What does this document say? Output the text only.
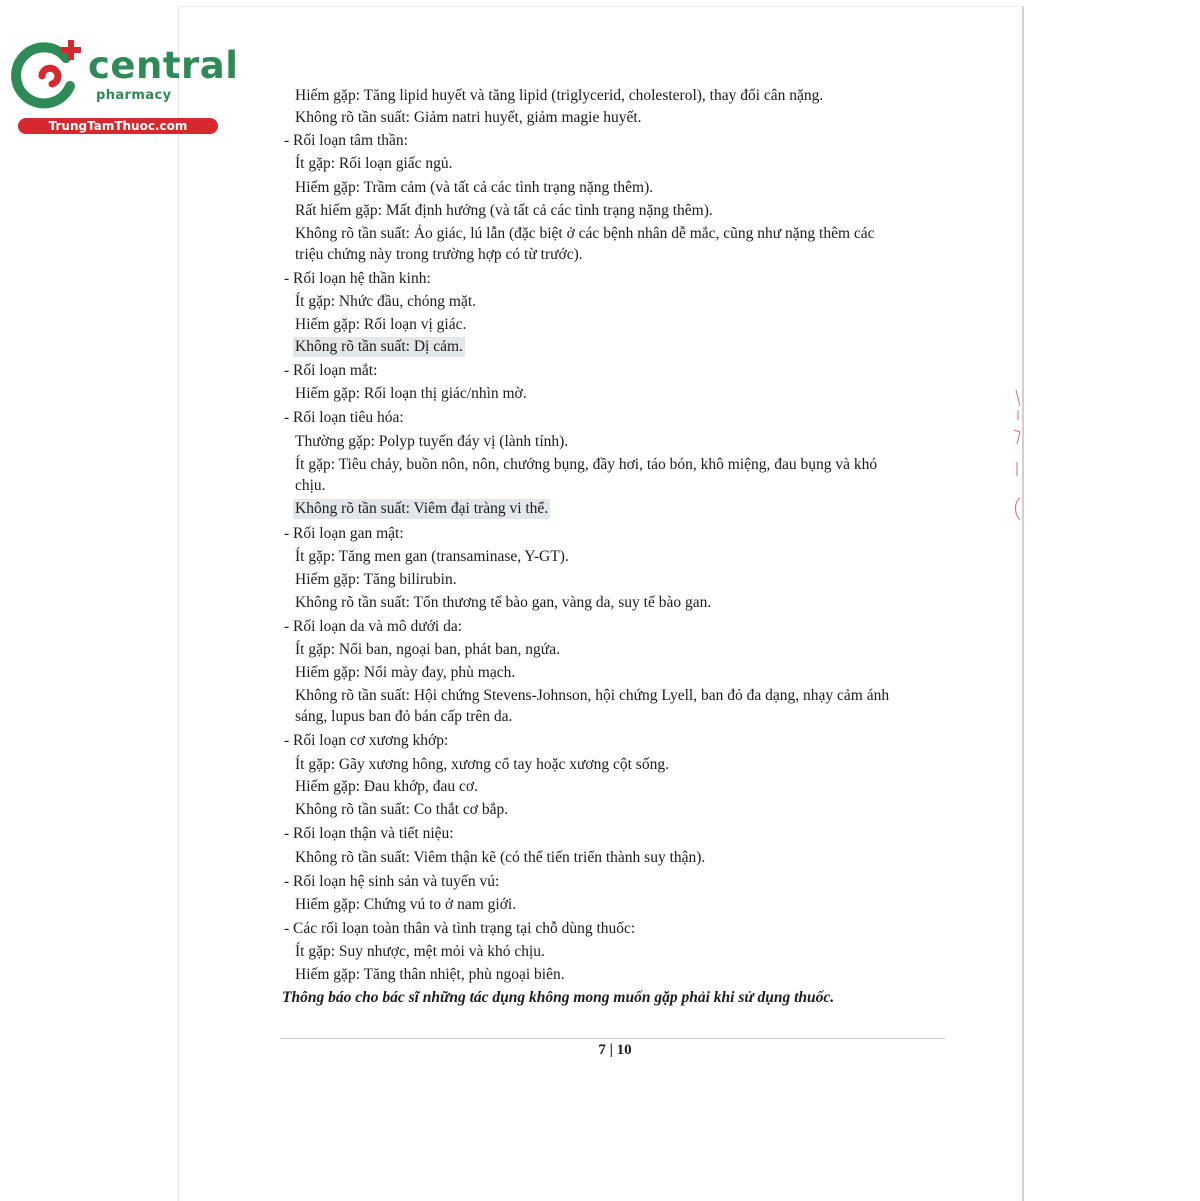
central
pharmacy
TrungTamThuoc.com
Hiếm gặp: Tăng lipid huyết và tăng lipid (triglycerid, cholesterol), thay đổi cân nặng.
Không rõ tần suất: Giảm natri huyết, giảm magie huyết.
- Rối loạn tâm thần:
Ít gặp: Rối loạn giấc ngủ.
Hiếm gặp: Trầm cảm (và tất cả các tình trạng nặng thêm).
Rất hiếm gặp: Mất định hướng (và tất cả các tình trạng nặng thêm).
Không rõ tần suất: Ảo giác, lú lẫn (đặc biệt ở các bệnh nhân dễ mắc, cũng như nặng thêm các
triệu chứng này trong trường hợp có từ trước).
- Rối loạn hệ thần kinh:
Ít gặp: Nhức đầu, chóng mặt.
Hiếm gặp: Rối loạn vị giác.
Không rõ tần suất: Dị cảm.
- Rối loạn mắt:
Hiếm gặp: Rối loạn thị giác/nhìn mờ.
- Rối loạn tiêu hóa:
Thường gặp: Polyp tuyến đáy vị (lành tính).
Ít gặp: Tiêu chảy, buồn nôn, nôn, chướng bụng, đầy hơi, táo bón, khô miệng, đau bụng và khó
chịu.
Không rõ tần suất: Viêm đại tràng vi thể.
- Rối loạn gan mật:
Ít gặp: Tăng men gan (transaminase, Y-GT).
Hiếm gặp: Tăng bilirubin.
Không rõ tần suất: Tổn thương tế bào gan, vàng da, suy tế bào gan.
- Rối loạn da và mô dưới da:
Ít gặp: Nổi ban, ngoại ban, phát ban, ngứa.
Hiếm gặp: Nổi mày đay, phù mạch.
Không rõ tần suất: Hội chứng Stevens-Johnson, hội chứng Lyell, ban đỏ đa dạng, nhạy cảm ánh
sáng, lupus ban đỏ bán cấp trên da.
- Rối loạn cơ xương khớp:
Ít gặp: Gãy xương hông, xương cổ tay hoặc xương cột sống.
Hiếm gặp: Đau khớp, đau cơ.
Không rõ tần suất: Co thắt cơ bắp.
- Rối loạn thận và tiết niệu:
Không rõ tần suất: Viêm thận kẽ (có thể tiến triển thành suy thận).
- Rối loạn hệ sinh sản và tuyến vú:
Hiếm gặp: Chứng vú to ở nam giới.
- Các rối loạn toàn thân và tình trạng tại chỗ dùng thuốc:
Ít gặp: Suy nhược, mệt mỏi và khó chịu.
Hiếm gặp: Tăng thân nhiệt, phù ngoại biên.
Thông báo cho bác sĩ những tác dụng không mong muốn gặp phải khi sử dụng thuốc.
7 | 10
